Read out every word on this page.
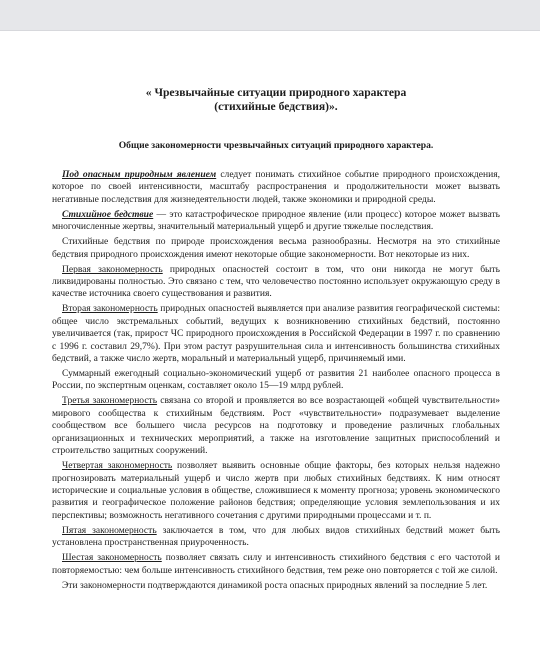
« Чрезвычайные ситуации природного характера
(стихийные бедствия)».

Общие закономерности чрезвычайных ситуаций природного характера.

Под опасным природным явлением следует понимать стихийное событие природного происхождения, которое по своей интенсивности, масштабу распространения и продолжительности может вызвать негативные последствия для жизнедеятельности людей, также экономики и природной среды.

Стихийное бедствие — это катастрофическое природное явление (или процесс) которое может вызвать многочисленные жертвы, значительный материальный ущерб и другие тяжелые последствия.

Стихийные бедствия по природе происхождения весьма разнообразны. Несмотря на это стихийные бедствия природного происхождения имеют некоторые общие закономерности. Вот некоторые из них.

Первая закономерность природных опасностей состоит в том, что они никогда не могут быть ликвидированы полностью. Это связано с тем, что человечество постоянно использует окружающую среду в качестве источника своего существования и развития.

Вторая закономерность природных опасностей выявляется при анализе развития географической системы: общее число экстремальных событий, ведущих к возникновению стихийных бедствий, постоянно увеличивается (так, прирост ЧС природного происхождения в Российской Федерации в 1997 г. по сравнению с 1996 г. составил 29,7%). При этом растут разрушительная сила и интенсивность большинства стихийных бедствий, а также число жертв, моральный и материальный ущерб, причиняемый ими.

Суммарный ежегодный социально-экономический ущерб от развития 21 наиболее опасного процесса в России, по экспертным оценкам, составляет около 15—19 млрд рублей.

Третья закономерность связана со второй и проявляется во все возрастающей «общей чувствительности» мирового сообщества к стихийным бедствиям. Рост «чувствительности» подразумевает выделение сообществом все большего числа ресурсов на подготовку и проведение различных глобальных организационных и технических мероприятий, а также на изготовление защитных приспособлений и строительство защитных сооружений.

Четвертая закономерность позволяет выявить основные общие факторы, без которых нельзя надежно прогнозировать материальный ущерб и число жертв при любых стихийных бедствиях. К ним относят исторические и социальные условия в обществе, сложившиеся к моменту прогноза; уровень экономического развития и географическое положение районов бедствия; определяющие условия землепользования и их перспективы; возможность негативного сочетания с другими природными процессами и т. п.

Пятая закономерность заключается в том, что для любых видов стихийных бедствий может быть установлена пространственная приуроченность.

Шестая закономерность позволяет связать силу и интенсивность стихийного бедствия с его частотой и повторяемостью: чем больше интенсивность стихийного бедствия, тем реже оно повторяется с той же силой.

Эти закономерности подтверждаются динамикой роста опасных природных явлений за последние 5 лет.
